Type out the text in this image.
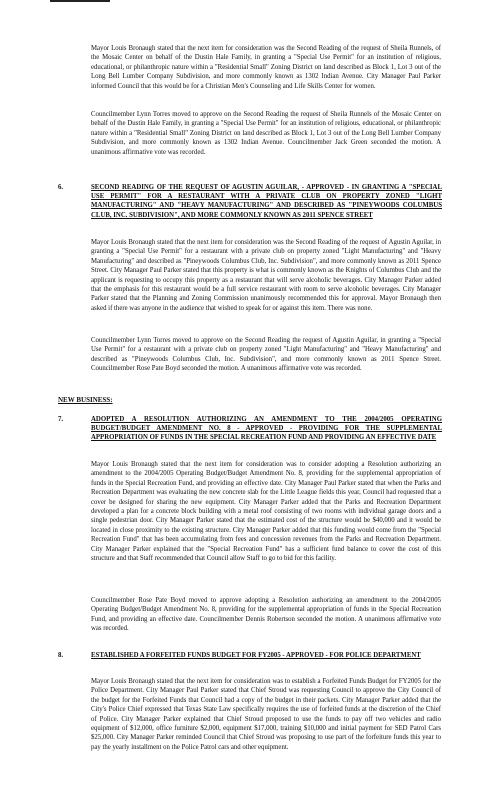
Mayor Louis Bronaugh stated that the next item for consideration was the Second Reading of the request of Sheila Runnels, of the Mosaic Center on behalf of the Dustin Hale Family, in granting a "Special Use Permit" for an institution of religious, educational, or philanthropic nature within a "Residential Small" Zoning District on land described as Block 1, Lot 3 out of the Long Bell Lumber Company Subdivision, and more commonly known as 1302 Indian Avenue. City Manager Paul Parker informed Council that this would be for a Christian Men's Counseling and Life Skills Center for women.

Councilmember Lynn Torres moved to approve on the Second Reading the request of Sheila Runnels of the Mosaic Center on behalf of the Dustin Hale Family, in granting a "Special Use Permit" for an institution of religious, educational, or philanthropic nature within a "Residential Small" Zoning District on land described as Block 1, Lot 3 out of the Long Bell Lumber Company Subdivision, and more commonly known as 1302 Indian Avenue. Councilmember Jack Green seconded the motion. A unanimous affirmative vote was recorded.

6.	SECOND READING OF THE REQUEST OF AGUSTIN AGUILAR, - APPROVED - IN GRANTING A "SPECIAL USE PERMIT" FOR A RESTAURANT WITH A PRIVATE CLUB ON PROPERTY ZONED "LIGHT MANUFACTURING" AND "HEAVY MANUFACTURING" AND DESCRIBED AS "PINEYWOODS COLUMBUS CLUB, INC. SUBDIVISION", AND MORE COMMONLY KNOWN AS 2011 SPENCE STREET

Mayor Louis Bronaugh stated that the next item for consideration was the Second Reading of the request of Agustin Aguilar, in granting a "Special Use Permit" for a restaurant with a private club on property zoned "Light Manufacturing" and "Heavy Manufacturing" and described as "Pineywoods Columbus Club, Inc. Subdivision", and more commonly known as 2011 Spence Street. City Manager Paul Parker stated that this property is what is commonly known as the Knights of Columbus Club and the applicant is requesting to occupy this property as a restaurant that will serve alcoholic beverages. City Manager Parker added that the emphasis for this restaurant would be a full service restaurant with room to serve alcoholic beverages. City Manager Parker stated that the Planning and Zoning Commission unanimously recommended this for approval. Mayor Bronaugh then asked if there was anyone in the audience that wished to speak for or against this item. There was none.

Councilmember Lynn Torres moved to approve on the Second Reading the request of Agustin Aguilar, in granting a "Special Use Permit" for a restaurant with a private club on property zoned "Light Manufacturing" and "Heavy Manufacturing" and described as "Pineywoods Columbus Club, Inc. Subdivision", and more commonly known as 2011 Spence Street. Councilmember Rose Pate Boyd seconded the motion. A unanimous affirmative vote was recorded.

NEW BUSINESS:

7.	ADOPTED A RESOLUTION AUTHORIZING AN AMENDMENT TO THE 2004/2005 OPERATING BUDGET/BUDGET AMENDMENT NO. 8 - APPROVED - PROVIDING FOR THE SUPPLEMENTAL APPROPRIATION OF FUNDS IN THE SPECIAL RECREATION FUND AND PROVIDING AN EFFECTIVE DATE

Mayor Louis Bronaugh stated that the next item for consideration was to consider adopting a Resolution authorizing an amendment to the 2004/2005 Operating Budget/Budget Amendment No. 8, providing for the supplemental appropriation of funds in the Special Recreation Fund, and providing an effective date. City Manager Paul Parker stated that when the Parks and Recreation Department was evaluating the new concrete slab for the Little League fields this year, Council had requested that a cover be designed for sharing the new equipment. City Manager Parker added that the Parks and Recreation Department developed a plan for a concrete block building with a metal roof consisting of two rooms with individual garage doors and a single pedestrian door. City Manager Parker stated that the estimated cost of the structure would be $40,000 and it would be located in close proximity to the existing structure. City Manager Parker added that this funding would come from the "Special Recreation Fund" that has been accumulating from fees and concession revenues from the Parks and Recreation Department. City Manager Parker explained that the "Special Recreation Fund" has a sufficient fund balance to cover the cost of this structure and that Staff recommended that Council allow Staff to go to bid for this facility.

Councilmember Rose Pate Boyd moved to approve adopting a Resolution authorizing an amendment to the 2004/2005 Operating Budget/Budget Amendment No. 8, providing for the supplemental appropriation of funds in the Special Recreation Fund, and providing an effective date. Councilmember Dennis Robertson seconded the motion. A unanimous affirmative vote was recorded.

8.	ESTABLISHED A FORFEITED FUNDS BUDGET FOR FY2005 - APPROVED - FOR POLICE DEPARTMENT

Mayor Louis Bronaugh stated that the next item for consideration was to establish a Forfeited Funds Budget for FY2005 for the Police Department. City Manager Paul Parker stated that Chief Stroud was requesting Council to approve the City Council of the budget for the Forfeited Funds that Council had a copy of the budget in their packets. City Manager Parker added that the City's Police Chief expressed that Texas State Law specifically requires the use of forfeited funds at the discretion of the Chief of Police. City Manager Parker explained that Chief Stroud proposed to use the funds to pay off two vehicles and radio equipment of $12,000, office furniture $2,000, equipment $17,000, training $10,000 and initial payment for SED Patrol Cars $25,000. City Manager Parker reminded Council that Chief Stroud was proposing to use part of the forfeiture funds this year to pay the yearly installment on the Police Patrol cars and other equipment.
